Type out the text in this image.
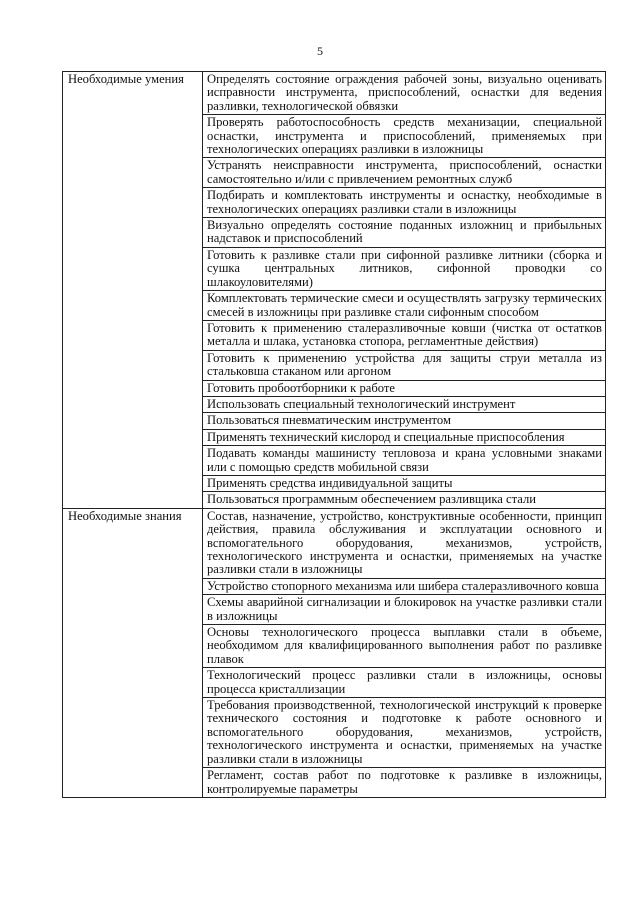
5
Необходимые умения	Определять состояние ограждения рабочей зоны, визуально оценивать исправности инструмента, приспособлений, оснастки для ведения разливки, технологической обвязки
	Проверять работоспособность средств механизации, специальной оснастки, инструмента и приспособлений, применяемых при технологических операциях разливки в изложницы
	Устранять неисправности инструмента, приспособлений, оснастки самостоятельно и/или с привлечением ремонтных служб
	Подбирать и комплектовать инструменты и оснастку, необходимые в технологических операциях разливки стали в изложницы
	Визуально определять состояние поданных изложниц и прибыльных надставок и приспособлений
	Готовить к разливке стали при сифонной разливке литники (сборка и сушка центральных литников, сифонной проводки со шлакоуловителями)
	Комплектовать термические смеси и осуществлять загрузку термических смесей в изложницы при разливке стали сифонным способом
	Готовить к применению сталеразливочные ковши (чистка от остатков металла и шлака, установка стопора, регламентные действия)
	Готовить к применению устройства для защиты струи металла из стальковша стаканом или аргоном
	Готовить пробоотборники к работе
	Использовать специальный технологический инструмент
	Пользоваться пневматическим инструментом
	Применять технический кислород и специальные приспособления
	Подавать команды машинисту тепловоза и крана условными знаками или с помощью средств мобильной связи
	Применять средства индивидуальной защиты
	Пользоваться программным обеспечением разливщика стали
Необходимые знания	Состав, назначение, устройство, конструктивные особенности, принцип действия, правила обслуживания и эксплуатации основного и вспомогательного оборудования, механизмов, устройств, технологического инструмента и оснастки, применяемых на участке разливки стали в изложницы
	Устройство стопорного механизма или шибера сталеразливочного ковша
	Схемы аварийной сигнализации и блокировок на участке разливки стали в изложницы
	Основы технологического процесса выплавки стали в объеме, необходимом для квалифицированного выполнения работ по разливке плавок
	Технологический процесс разливки стали в изложницы, основы процесса кристаллизации
	Требования производственной, технологической инструкций к проверке технического состояния и подготовке к работе основного и вспомогательного оборудования, механизмов, устройств, технологического инструмента и оснастки, применяемых на участке разливки стали в изложницы
	Регламент, состав работ по подготовке к разливке в изложницы, контролируемые параметры
